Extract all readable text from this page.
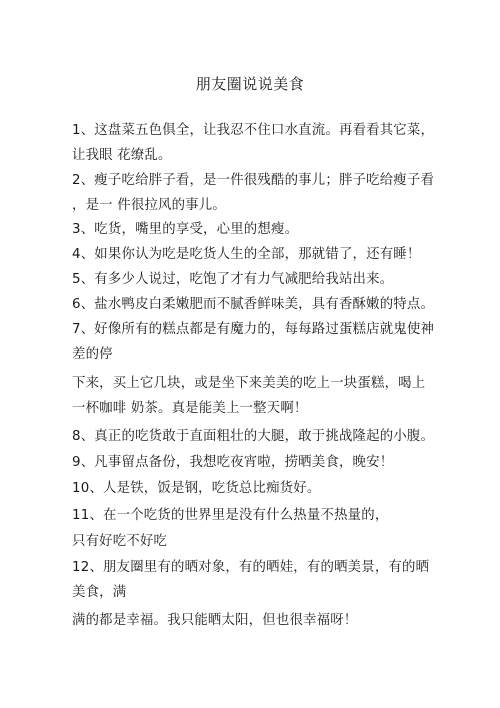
朋友圈说说美食
1、这盘菜五色俱全，让我忍不住口水直流。再看看其它菜，
让我眼 花缭乱。
2、瘦子吃给胖子看，是一件很残酷的事儿；胖子吃给瘦子看
，是一 件很拉风的事儿。
3、吃货，嘴里的享受，心里的想瘦。
4、如果你认为吃是吃货人生的全部，那就错了，还有睡！
5、有多少人说过，吃饱了才有力气减肥给我站出来。
6、盐水鸭皮白柔嫩肥而不腻香鲜味美，具有香酥嫩的特点。
7、好像所有的糕点都是有魔力的，每每路过蛋糕店就鬼使神
差的停
下来，买上它几块，或是坐下来美美的吃上一块蛋糕，喝上
一杯咖啡 奶茶。真是能美上一整天啊！
8、真正的吃货敢于直面粗壮的大腿，敢于挑战隆起的小腹。
9、凡事留点备份，我想吃夜宵啦，捞晒美食，晚安！
10、人是铁，饭是钢，吃货总比痴货好。
11、在一个吃货的世界里是没有什么热量不热量的，
只有好吃不好吃
12、朋友圈里有的晒对象，有的晒娃，有的晒美景，有的晒
美食，满
满的都是幸福。我只能晒太阳，但也很幸福呀！
